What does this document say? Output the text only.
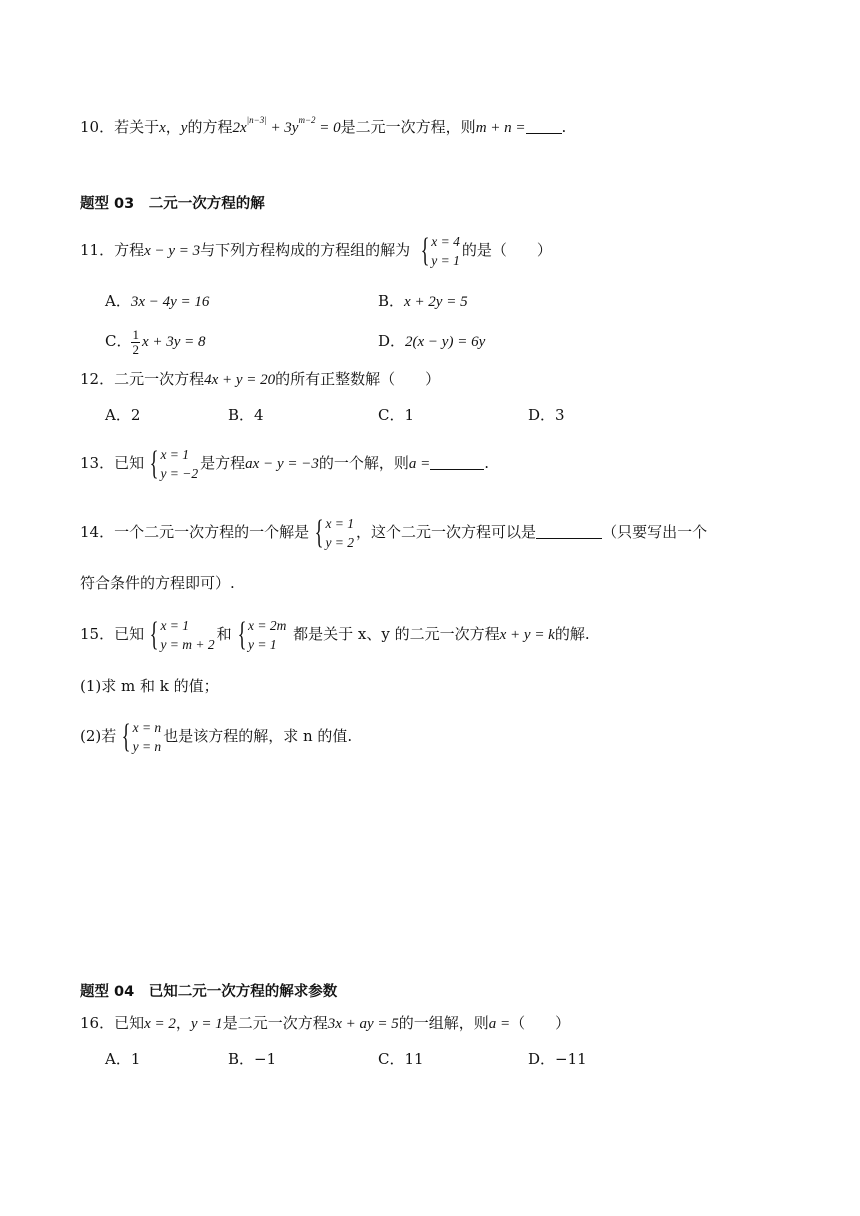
10．若关于x，y的方程$2x^{|n-3|} + 3y^{m-2} = 0$是二元一次方程，则m + n = .
题型 03　二元一次方程的解
11．方程x − y = 3与下列方程构成的方程组的解为 { x = 4
y = 1
的是（　　）
A．3x − 4y = 16	B．x + 2y = 5
C． $\frac{1}{2}$ x + 3y = 8	D．2(x − y) = 6y
12．二元一次方程4x + y = 20的所有正整数解（　　）
A．2	B．4	C．1	D．3
13．已知 { x = 1
y = −2
是方程ax − y = −3的一个解，则a =	.
14．一个二元一次方程的一个解是 { x = 1
y = 2
，这个二元一次方程可以是	（只要写出一个
符合条件的方程即可）.
15．已知 { x = 1
y = m + 2
和 { x = 2m
y = 1
都是关于 x、y 的二元一次方程x + y = k的解.
(1)求 m 和 k 的值；
(2)若 { x = n
y = n
也是该方程的解，求 n 的值.
题型 04　已知二元一次方程的解求参数
16．已知x = 2，y = 1是二元一次方程3x + ay = 5的一组解，则a =（　　）
A．1	B．−1	C．11	D．−11
